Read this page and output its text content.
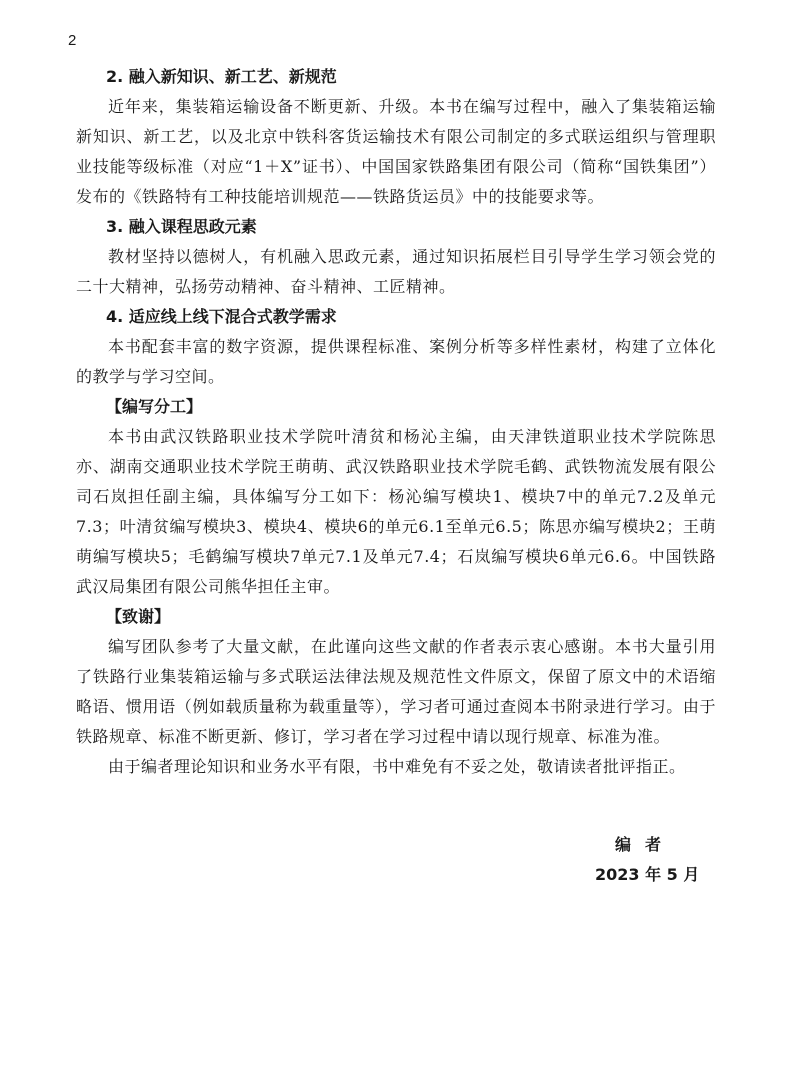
2
2. 融入新知识、新工艺、新规范

近年来，集装箱运输设备不断更新、升级。本书在编写过程中，融入了集装箱运输新知识、新工艺，以及北京中铁科客货运输技术有限公司制定的多式联运组织与管理职业技能等级标准（对应“1＋X”证书）、中国国家铁路集团有限公司（简称“国铁集团”）发布的《铁路特有工种技能培训规范——铁路货运员》中的技能要求等。

3. 融入课程思政元素

教材坚持以德树人，有机融入思政元素，通过知识拓展栏目引导学生学习领会党的二十大精神，弘扬劳动精神、奋斗精神、工匠精神。

4. 适应线上线下混合式教学需求

本书配套丰富的数字资源，提供课程标准、案例分析等多样性素材，构建了立体化的教学与学习空间。

【编写分工】

本书由武汉铁路职业技术学院叶清贫和杨沁主编，由天津铁道职业技术学院陈思亦、湖南交通职业技术学院王萌萌、武汉铁路职业技术学院毛鹤、武铁物流发展有限公司石岚担任副主编，具体编写分工如下：杨沁编写模块1、模块7中的单元7.2及单元7.3；叶清贫编写模块3、模块4、模块6的单元6.1至单元6.5；陈思亦编写模块2；王萌萌编写模块5；毛鹤编写模块7单元7.1及单元7.4；石岚编写模块6单元6.6。中国铁路武汉局集团有限公司熊华担任主审。

【致谢】

编写团队参考了大量文献，在此谨向这些文献的作者表示衷心感谢。本书大量引用了铁路行业集装箱运输与多式联运法律法规及规范性文件原文，保留了原文中的术语缩略语、惯用语（例如载质量称为载重量等），学习者可通过查阅本书附录进行学习。由于铁路规章、标准不断更新、修订，学习者在学习过程中请以现行规章、标准为准。

由于编者理论知识和业务水平有限，书中难免有不妥之处，敬请读者批评指正。

编者
2023 年 5 月
